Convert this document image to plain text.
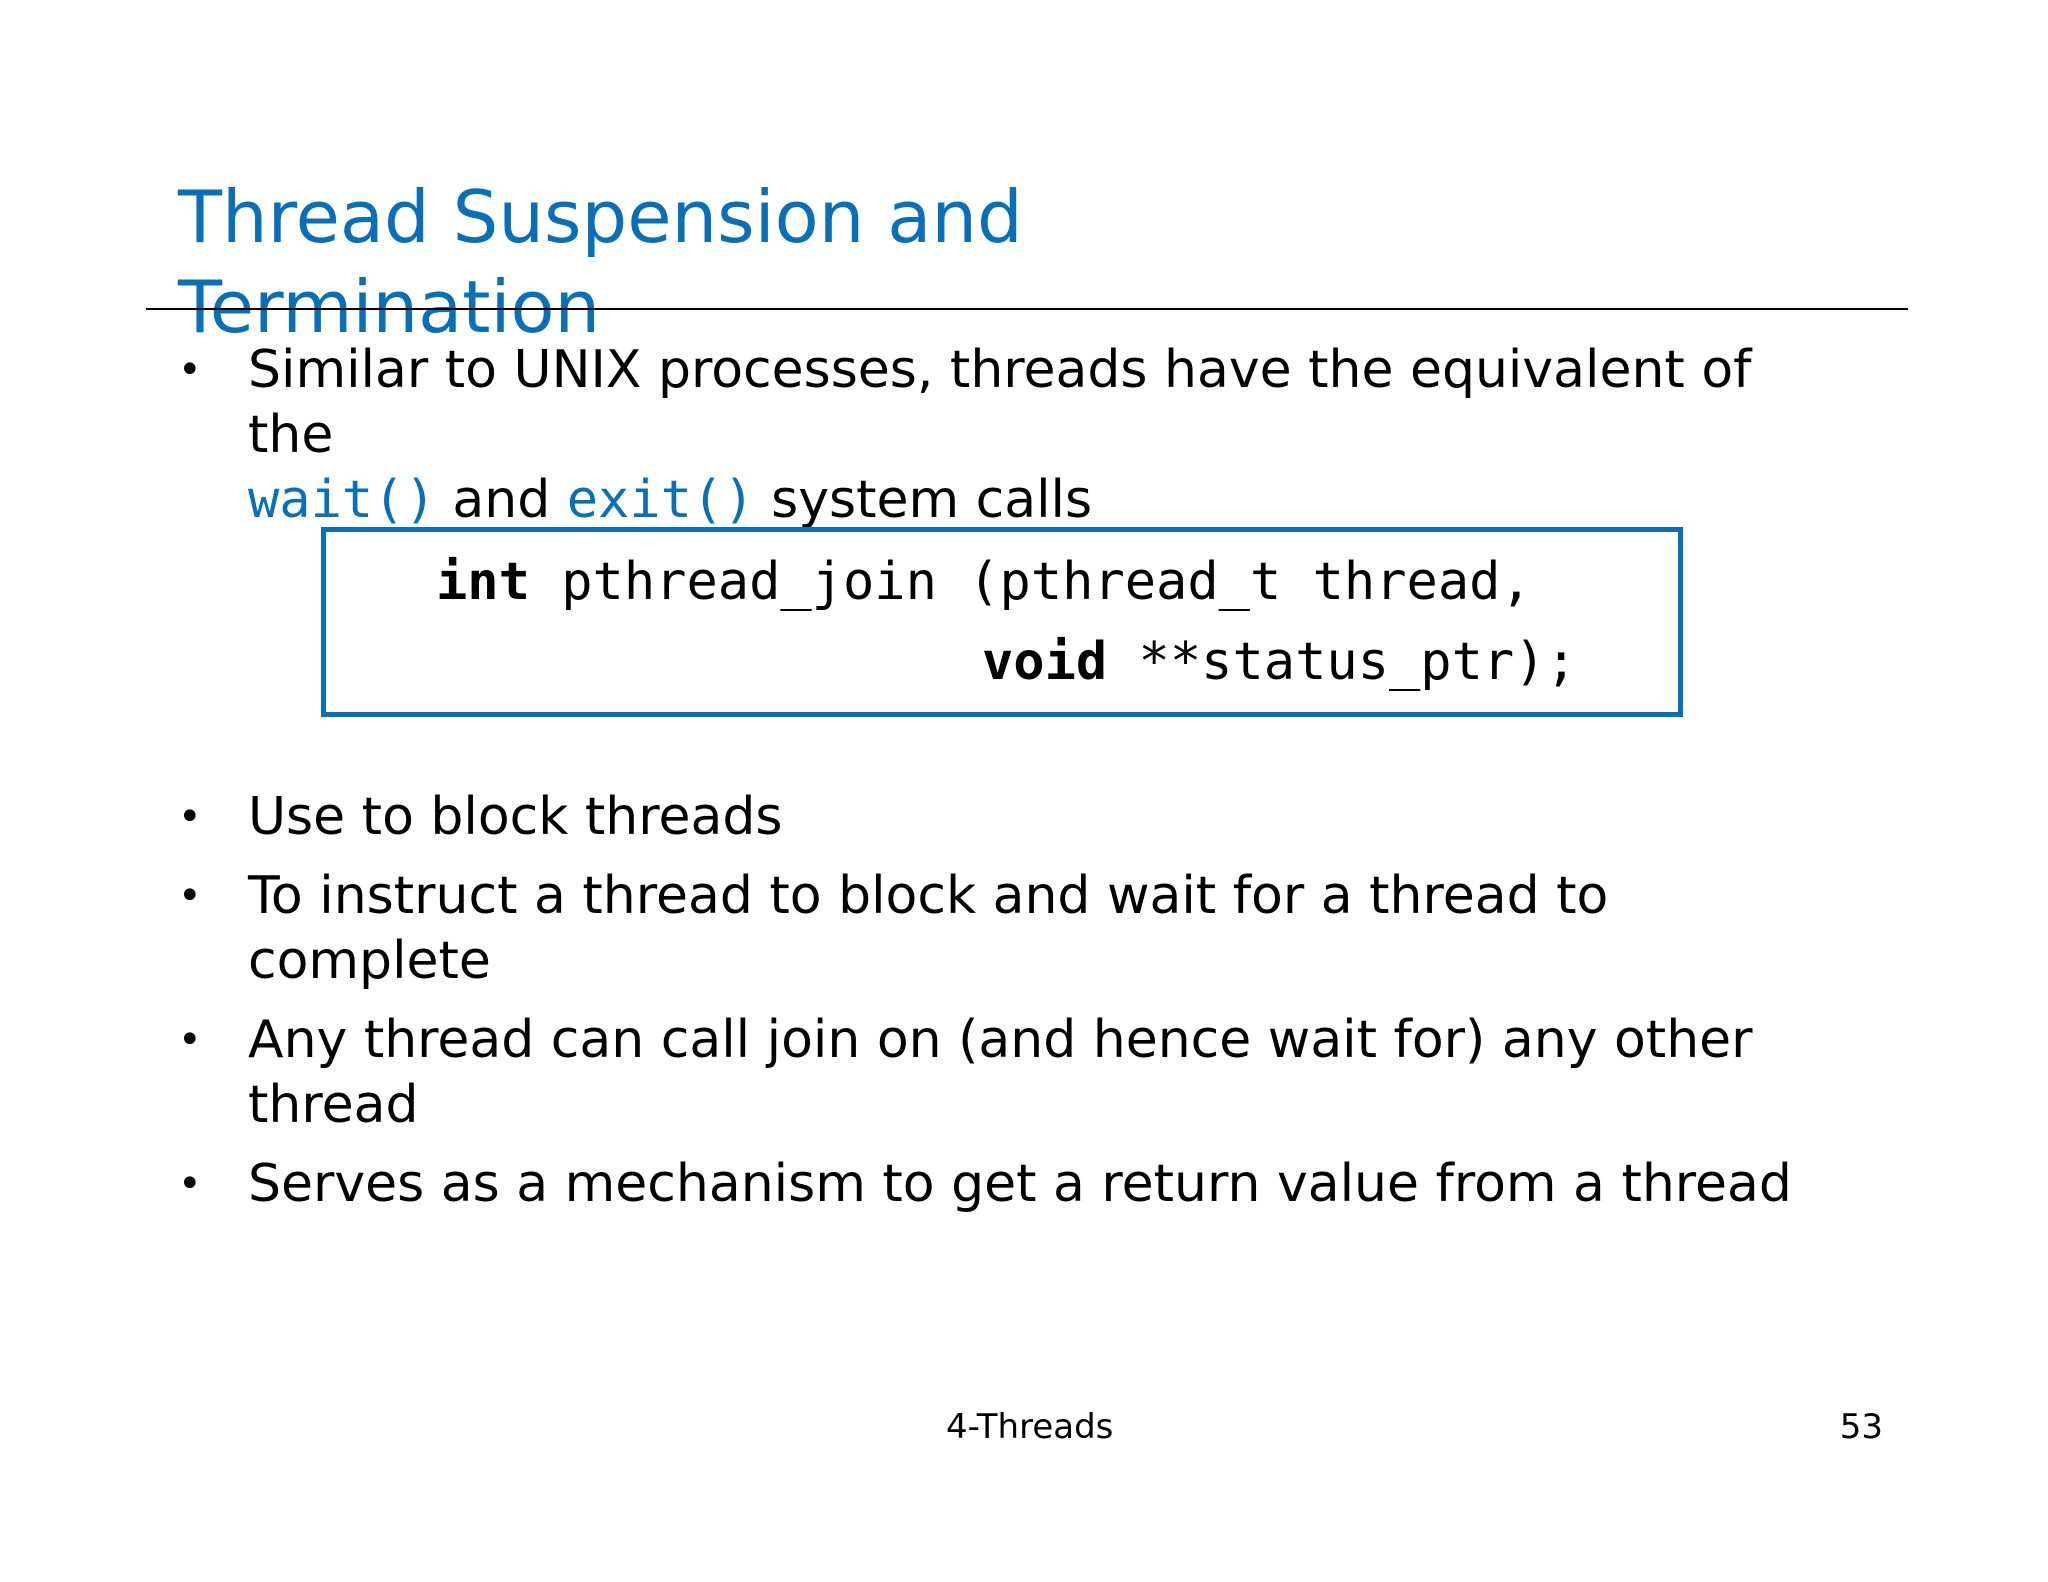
Thread Suspension and Termination
• Similar to UNIX processes, threads have the equivalent of the
wait() and exit() system calls
int pthread_join (pthread_t thread,
void **status_ptr);
• Use to block threads
• To instruct a thread to block and wait for a thread to complete
• Any thread can call join on (and hence wait for) any other thread
• Serves as a mechanism to get a return value from a thread
4-Threads	53
